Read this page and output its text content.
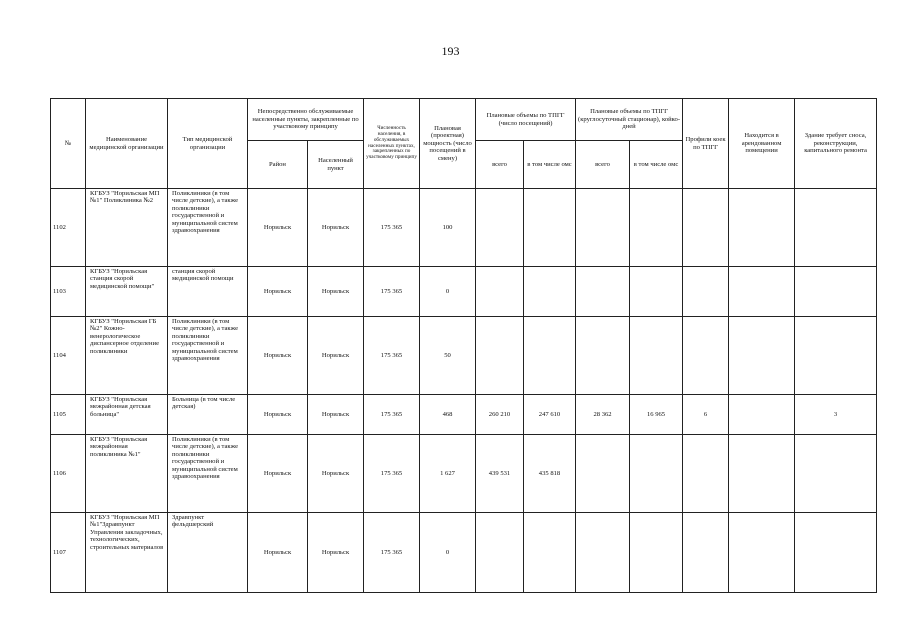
193
№	Наименование медицинской организации	Тип медицинской организации	Непосредственно обслуживаемые населенные пункты, закрепленные по участковому принципу		Численность населения, в обслуживаемых населенных пунктах, закрепленных по участковому принципу	Плановая (проектная) мощность (число посещений в смену)	Плановые объемы по ТПГГ (число посещений)		Плановые объемы по ТПГГ (круглосуточный стационар), койко-дней		Профили коек по ТПГГ	Находится в арендованном помещении	Здание требует сноса, реконструкции, капитального ремонта
			Район	Населенный пункт			всего	в том числе омс	всего	в том числе омс			
1102	КГБУЗ "Норильская МП №1" Поликлиника №2	Поликлиники (в том числе детские), а также поликлиники государственной и муниципальной систем здравоохранения	Норильск	Норильск	175 365	100							
1103	КГБУЗ "Норильская станция скорой медицинской помощи"	станция скорой медицинской помощи	Норильск	Норильск	175 365	0							
1104	КГБУЗ "Норильская ГБ №2" Кожно-венерологическое диспансерное отделение поликлиники	Поликлиники (в том числе детские), а также поликлиники государственной и муниципальной систем здравоохранения	Норильск	Норильск	175 365	50							
1105	КГБУЗ "Норильская межрайонная детская больница"	Больница (в том числе детская)	Норильск	Норильск	175 365	468	260 210	247 610	28 362	16 965	6		3
1106	КГБУЗ "Норильская межрайонная поликлиника №1"	Поликлиники (в том числе детские), а также поликлиники государственной и муниципальной систем здравоохранения	Норильск	Норильск	175 365	1 627	439 531	435 818					
1107	КГБУЗ "Норильская МП №1"Здравпункт Управления закладочных, технологических, строительных материалов	Здравпункт фельдшерский	Норильск	Норильск	175 365	0							
